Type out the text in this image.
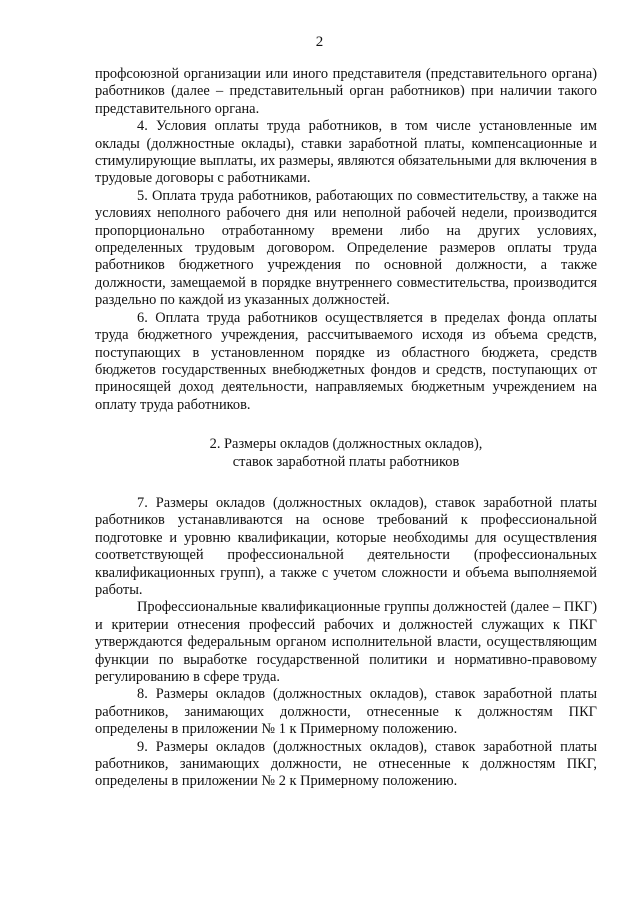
2

профсоюзной организации или иного представителя (представительного органа) работников (далее – представительный орган работников) при наличии такого представительного органа.

4. Условия оплаты труда работников, в том числе установленные им оклады (должностные оклады), ставки заработной платы, компенсационные и стимулирующие выплаты, их размеры, являются обязательными для включения в трудовые договоры с работниками.

5. Оплата труда работников, работающих по совместительству, а также на условиях неполного рабочего дня или неполной рабочей недели, производится пропорционально отработанному времени либо на других условиях, определенных трудовым договором. Определение размеров оплаты труда работников бюджетного учреждения по основной должности, а также должности, замещаемой в порядке внутреннего совместительства, производится раздельно по каждой из указанных должностей.

6. Оплата труда работников осуществляется в пределах фонда оплаты труда бюджетного учреждения, рассчитываемого исходя из объема средств, поступающих в установленном порядке из областного бюджета, средств бюджетов государственных внебюджетных фондов и средств, поступающих от приносящей доход деятельности, направляемых бюджетным учреждением на оплату труда работников.

2. Размеры окладов (должностных окладов),
ставок заработной платы работников

7. Размеры окладов (должностных окладов), ставок заработной платы работников устанавливаются на основе требований к профессиональной подготовке и уровню квалификации, которые необходимы для осуществления соответствующей профессиональной деятельности (профессиональных квалификационных групп), а также с учетом сложности и объема выполняемой работы.

Профессиональные квалификационные группы должностей (далее – ПКГ) и критерии отнесения профессий рабочих и должностей служащих к ПКГ утверждаются федеральным органом исполнительной власти, осуществляющим функции по выработке государственной политики и нормативно-правовому регулированию в сфере труда.

8. Размеры окладов (должностных окладов), ставок заработной платы работников, занимающих должности, отнесенные к должностям ПКГ определены в приложении № 1 к Примерному положению.

9. Размеры окладов (должностных окладов), ставок заработной платы работников, занимающих должности, не отнесенные к должностям ПКГ, определены в приложении № 2 к Примерному положению.
